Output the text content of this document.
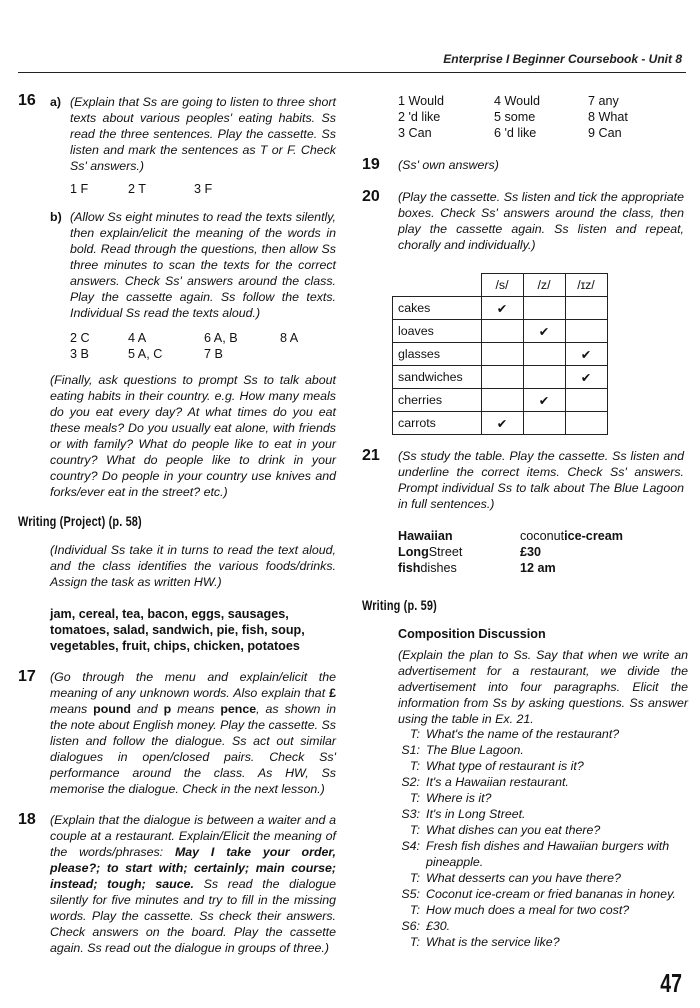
Enterprise I Beginner Coursebook - Unit 8
16 a) (Explain that Ss are going to listen to three short texts about various peoples' eating habits. Ss read the three sentences. Play the cassette. Ss listen and mark the sentences as T or F. Check Ss' answers.)
1 F	2 T	3 F
b) (Allow Ss eight minutes to read the texts silently, then explain/elicit the meaning of the words in bold. Read through the questions, then allow Ss three minutes to scan the texts for the correct answers. Check Ss' answers around the class. Play the cassette again. Ss follow the texts. Individual Ss read the texts aloud.)
2 C	4 A	6 A, B	8 A
3 B	5 A, C	7 B
(Finally, ask questions to prompt Ss to talk about eating habits in their country. e.g. How many meals do you eat every day? At what times do you eat these meals? Do you usually eat alone, with friends or with family? What do people like to eat in your country? What do people like to drink in your country? Do people in your country use knives and forks/ever eat in the street? etc.)
Writing (Project) (p. 58)
(Individual Ss take it in turns to read the text aloud, and the class identifies the various foods/drinks. Assign the task as written HW.)
jam, cereal, tea, bacon, eggs, sausages, tomatoes, salad, sandwich, pie, fish, soup, vegetables, fruit, chips, chicken, potatoes
17 (Go through the menu and explain/elicit the meaning of any unknown words. Also explain that £ means pound and p means pence, as shown in the note about English money. Play the cassette. Ss listen and follow the dialogue. Ss act out similar dialogues in open/closed pairs. Check Ss' performance around the class. As HW, Ss memorise the dialogue. Check in the next lesson.)
18 (Explain that the dialogue is between a waiter and a couple at a restaurant. Explain/Elicit the meaning of the words/phrases: May I take your order, please?; to start with; certainly; main course; instead; tough; sauce. Ss read the dialogue silently for five minutes and try to fill in the missing words. Play the cassette. Ss check their answers. Check answers on the board. Play the cassette again. Ss read out the dialogue in groups of three.)
1 Would	4 Would	7 any
2 'd like	5 some	8 What
3 Can	6 'd like	9 Can
19 (Ss' own answers)
20 (Play the cassette. Ss listen and tick the appropriate boxes. Check Ss' answers around the class, then play the cassette again. Ss listen and repeat, chorally and individually.)
	/s/	/z/	/ɪz/
cakes	✔		
loaves		✔	
glasses			✔
sandwiches			✔
cherries		✔	
carrots	✔		
21 (Ss study the table. Play the cassette. Ss listen and underline the correct items. Check Ss' answers. Prompt individual Ss to talk about The Blue Lagoon in full sentences.)
Hawaiian	coconutice-cream
LongStreet	£30
fishdishes	12 am
Writing (p. 59)
Composition Discussion
(Explain the plan to Ss. Say that when we write an advertisement for a restaurant, we divide the advertisement into four paragraphs. Elicit the information from Ss by asking questions. Ss answer using the table in Ex. 21.
T: What's the name of the restaurant?
S1: The Blue Lagoon.
T: What type of restaurant is it?
S2: It's a Hawaiian restaurant.
T: Where is it?
S3: It's in Long Street.
T: What dishes can you eat there?
S4: Fresh fish dishes and Hawaiian burgers with pineapple.
T: What desserts can you have there?
S5: Coconut ice-cream or fried bananas in honey.
T: How much does a meal for two cost?
S6: £30.
T: What is the service like?
47
